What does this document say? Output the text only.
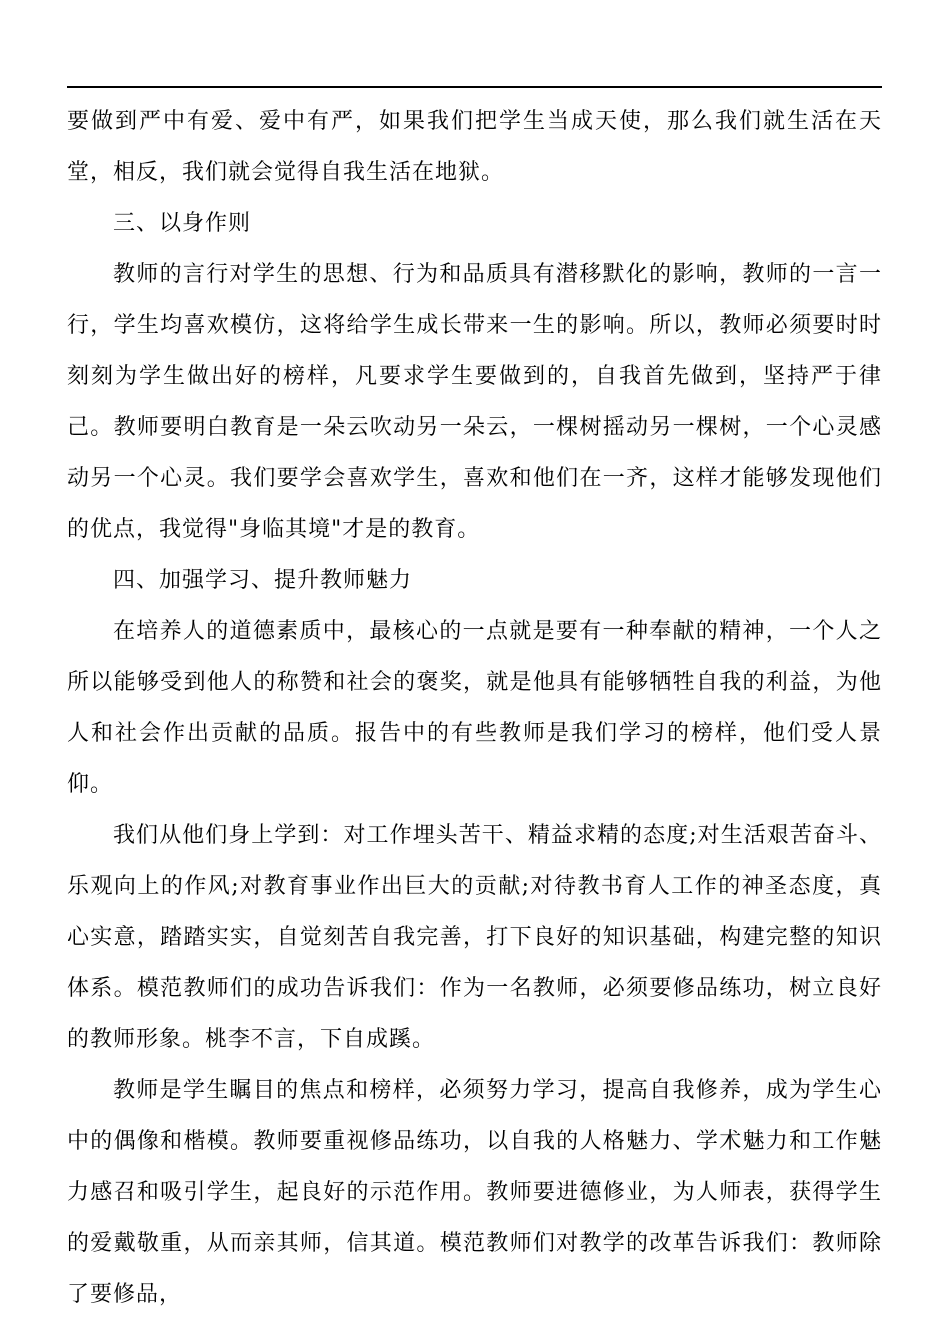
要做到严中有爱、爱中有严，如果我们把学生当成天使，那么我们就生活在天堂，相反，我们就会觉得自我生活在地狱。

三、以身作则

教师的言行对学生的思想、行为和品质具有潜移默化的影响，教师的一言一行，学生均喜欢模仿，这将给学生成长带来一生的影响。所以，教师必须要时时刻刻为学生做出好的榜样，凡要求学生要做到的，自我首先做到，坚持严于律己。教师要明白教育是一朵云吹动另一朵云，一棵树摇动另一棵树，一个心灵感动另一个心灵。我们要学会喜欢学生，喜欢和他们在一齐，这样才能够发现他们的优点，我觉得"身临其境"才是的教育。

四、加强学习、提升教师魅力

在培养人的道德素质中，最核心的一点就是要有一种奉献的精神，一个人之所以能够受到他人的称赞和社会的褒奖，就是他具有能够牺牲自我的利益，为他人和社会作出贡献的品质。报告中的有些教师是我们学习的榜样，他们受人景仰。

我们从他们身上学到：对工作埋头苦干、精益求精的态度;对生活艰苦奋斗、乐观向上的作风;对教育事业作出巨大的贡献;对待教书育人工作的神圣态度，真心实意，踏踏实实，自觉刻苦自我完善，打下良好的知识基础，构建完整的知识体系。模范教师们的成功告诉我们：作为一名教师，必须要修品练功，树立良好的教师形象。桃李不言，下自成蹊。

教师是学生瞩目的焦点和榜样，必须努力学习，提高自我修养，成为学生心中的偶像和楷模。教师要重视修品练功，以自我的人格魅力、学术魅力和工作魅力感召和吸引学生，起良好的示范作用。教师要进德修业，为人师表，获得学生的爱戴敬重，从而亲其师，信其道。模范教师们对教学的改革告诉我们：教师除了要修品，
